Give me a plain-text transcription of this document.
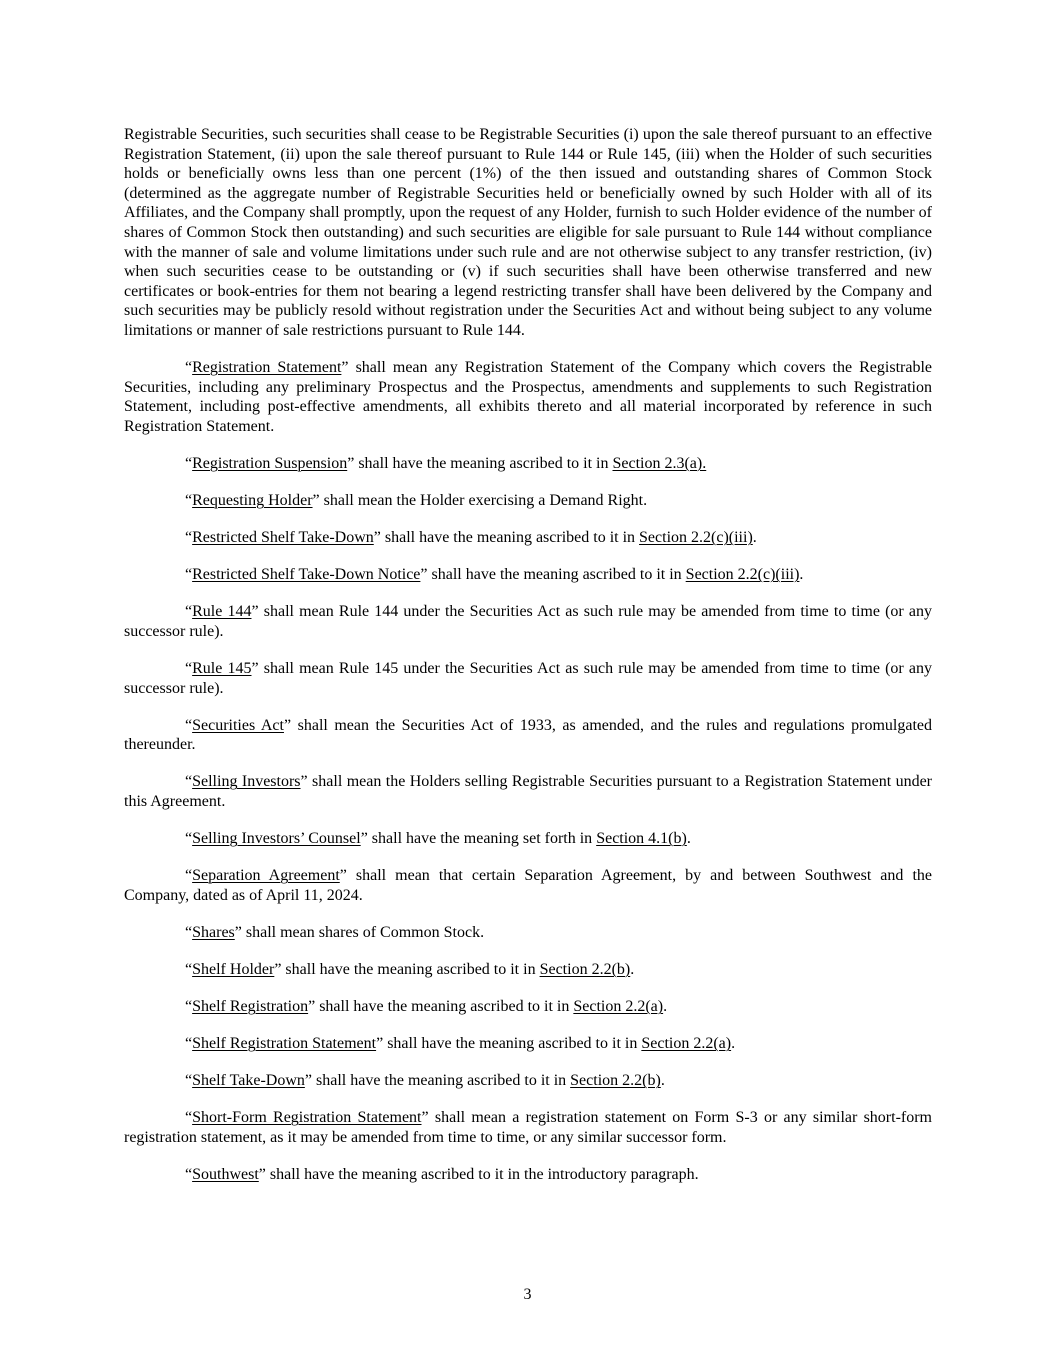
Registrable Securities, such securities shall cease to be Registrable Securities (i) upon the sale thereof pursuant to an effective Registration Statement, (ii) upon the sale thereof pursuant to Rule 144 or Rule 145, (iii) when the Holder of such securities holds or beneficially owns less than one percent (1%) of the then issued and outstanding shares of Common Stock (determined as the aggregate number of Registrable Securities held or beneficially owned by such Holder with all of its Affiliates, and the Company shall promptly, upon the request of any Holder, furnish to such Holder evidence of the number of shares of Common Stock then outstanding) and such securities are eligible for sale pursuant to Rule 144 without compliance with the manner of sale and volume limitations under such rule and are not otherwise subject to any transfer restriction, (iv) when such securities cease to be outstanding or (v) if such securities shall have been otherwise transferred and new certificates or book-entries for them not bearing a legend restricting transfer shall have been delivered by the Company and such securities may be publicly resold without registration under the Securities Act and without being subject to any volume limitations or manner of sale restrictions pursuant to Rule 144.

“Registration Statement” shall mean any Registration Statement of the Company which covers the Registrable Securities, including any preliminary Prospectus and the Prospectus, amendments and supplements to such Registration Statement, including post-effective amendments, all exhibits thereto and all material incorporated by reference in such Registration Statement.

“Registration Suspension” shall have the meaning ascribed to it in Section 2.3(a).

“Requesting Holder” shall mean the Holder exercising a Demand Right.

“Restricted Shelf Take-Down” shall have the meaning ascribed to it in Section 2.2(c)(iii).

“Restricted Shelf Take-Down Notice” shall have the meaning ascribed to it in Section 2.2(c)(iii).

“Rule 144” shall mean Rule 144 under the Securities Act as such rule may be amended from time to time (or any successor rule).

“Rule 145” shall mean Rule 145 under the Securities Act as such rule may be amended from time to time (or any successor rule).

“Securities Act” shall mean the Securities Act of 1933, as amended, and the rules and regulations promulgated thereunder.

“Selling Investors” shall mean the Holders selling Registrable Securities pursuant to a Registration Statement under this Agreement.

“Selling Investors’ Counsel” shall have the meaning set forth in Section 4.1(b).

“Separation Agreement” shall mean that certain Separation Agreement, by and between Southwest and the Company, dated as of April 11, 2024.

“Shares” shall mean shares of Common Stock.

“Shelf Holder” shall have the meaning ascribed to it in Section 2.2(b).

“Shelf Registration” shall have the meaning ascribed to it in Section 2.2(a).

“Shelf Registration Statement” shall have the meaning ascribed to it in Section 2.2(a).

“Shelf Take-Down” shall have the meaning ascribed to it in Section 2.2(b).

“Short-Form Registration Statement” shall mean a registration statement on Form S-3 or any similar short-form registration statement, as it may be amended from time to time, or any similar successor form.

“Southwest” shall have the meaning ascribed to it in the introductory paragraph.

3
